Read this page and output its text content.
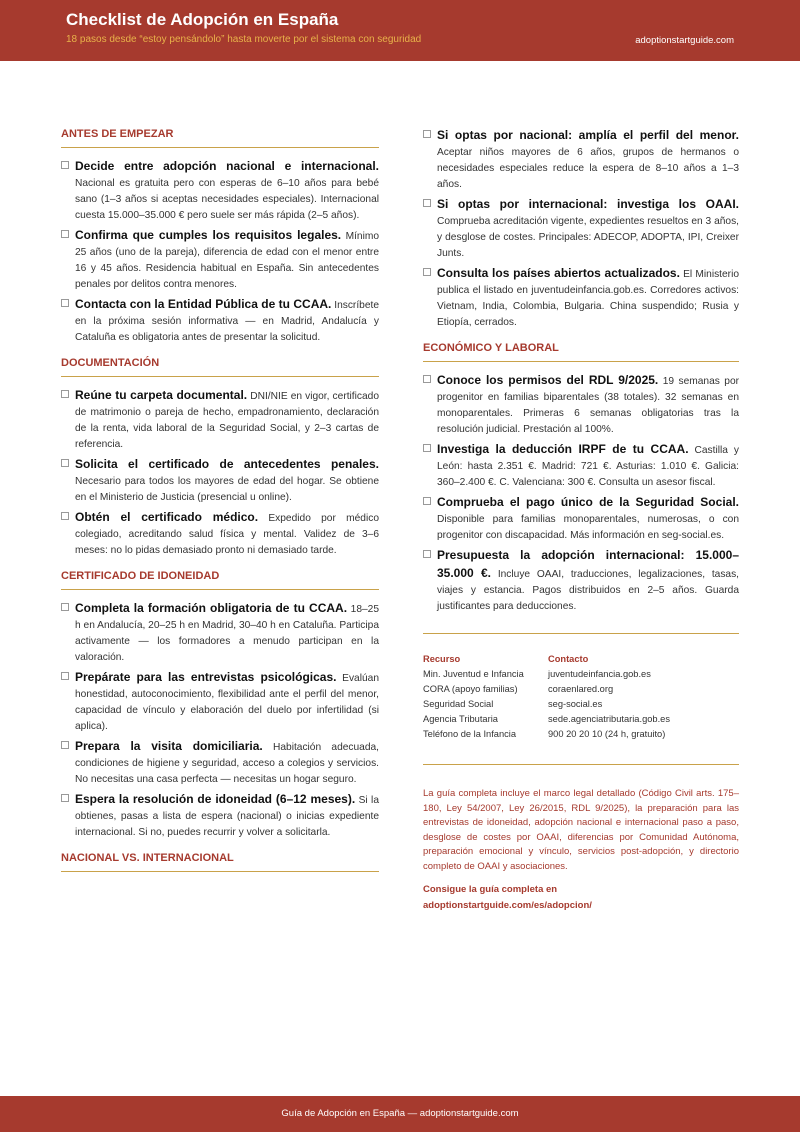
Checklist de Adopción en España
18 pasos desde “estoy pensándolo” hasta moverte por el sistema con seguridad	adoptionstartguide.com
ANTES DE EMPEZAR
Decide entre adopción nacional e internacional. Nacional es gratuita pero con esperas de 6–10 años para bebé sano (1–3 años si aceptas necesidades especiales). Internacional cuesta 15.000–35.000 € pero suele ser más rápida (2–5 años).
Confirma que cumples los requisitos legales. Mínimo 25 años (uno de la pareja), diferencia de edad con el menor entre 16 y 45 años. Residencia habitual en España. Sin antecedentes penales por delitos contra menores.
Contacta con la Entidad Pública de tu CCAA. Inscríbete en la próxima sesión informativa — en Madrid, Andalucía y Cataluña es obligatoria antes de presentar la solicitud.
DOCUMENTACIÓN
Reúne tu carpeta documental. DNI/NIE en vigor, certificado de matrimonio o pareja de hecho, empadronamiento, declaración de la renta, vida laboral de la Seguridad Social, y 2–3 cartas de referencia.
Solicita el certificado de antecedentes penales. Necesario para todos los mayores de edad del hogar. Se obtiene en el Ministerio de Justicia (presencial u online).
Obtén el certificado médico. Expedido por médico colegiado, acreditando salud física y mental. Validez de 3–6 meses: no lo pidas demasiado pronto ni demasiado tarde.
CERTIFICADO DE IDONEIDAD
Completa la formación obligatoria de tu CCAA. 18–25 h en Andalucía, 20–25 h en Madrid, 30–40 h en Cataluña. Participa activamente — los formadores a menudo participan en la valoración.
Prepárate para las entrevistas psicológicas. Evalúan honestidad, autoconocimiento, flexibilidad ante el perfil del menor, capacidad de vínculo y elaboración del duelo por infertilidad (si aplica).
Prepara la visita domiciliaria. Habitación adecuada, condiciones de higiene y seguridad, acceso a colegios y servicios. No necesitas una casa perfecta — necesitas un hogar seguro.
Espera la resolución de idoneidad (6–12 meses). Si la obtienes, pasas a lista de espera (nacional) o inicias expediente internacional. Si no, puedes recurrir y volver a solicitarla.
NACIONAL VS. INTERNACIONAL
Si optas por nacional: amplía el perfil del menor. Aceptar niños mayores de 6 años, grupos de hermanos o necesidades especiales reduce la espera de 8–10 años a 1–3 años.
Si optas por internacional: investiga los OAAI. Comprueba acreditación vigente, expedientes resueltos en 3 años, y desglose de costes. Principales: ADECOP, ADOPTA, IPI, Creixer Junts.
Consulta los países abiertos actualizados. El Ministerio publica el listado en juventudeinfancia.gob.es. Corredores activos: Vietnam, India, Colombia, Bulgaria. China suspendido; Rusia y Etiopía, cerrados.
ECONÓMICO Y LABORAL
Conoce los permisos del RDL 9/2025. 19 semanas por progenitor en familias biparentales (38 totales). 32 semanas en monoparentales. Primeras 6 semanas obligatorias tras la resolución judicial. Prestación al 100%.
Investiga la deducción IRPF de tu CCAA. Castilla y León: hasta 2.351 €. Madrid: 721 €. Asturias: 1.010 €. Galicia: 360–2.400 €. C. Valenciana: 300 €. Consulta un asesor fiscal.
Comprueba el pago único de la Seguridad Social. Disponible para familias monoparentales, numerosas, o con progenitor con discapacidad. Más información en seg-social.es.
Presupuesta la adopción internacional: 15.000–35.000 €. Incluye OAAI, traducciones, legalizaciones, tasas, viajes y estancia. Pagos distribuidos en 2–5 años. Guarda justificantes para deducciones.
Recurso
Min. Juventud e Infancia
CORA (apoyo familias)
Seguridad Social
Agencia Tributaria
Teléfono de la Infancia
Contacto
juventudeinfancia.gob.es
coraenlared.org
seg-social.es
sede.agenciatributaria.gob.es
900 20 20 10 (24 h, gratuito)
La guía completa incluye el marco legal detallado (Código Civil arts. 175–180, Ley 54/2007, Ley 26/2015, RDL 9/2025), la preparación para las entrevistas de idoneidad, adopción nacional e internacional paso a paso, desglose de costes por OAAI, diferencias por Comunidad Autónoma, preparación emocional y vínculo, servicios post-adopción, y directorio completo de OAAI y asociaciones.
Consigue la guía completa en
adoptionstartguide.com/es/adopcion/
Guía de Adopción en España — adoptionstartguide.com
